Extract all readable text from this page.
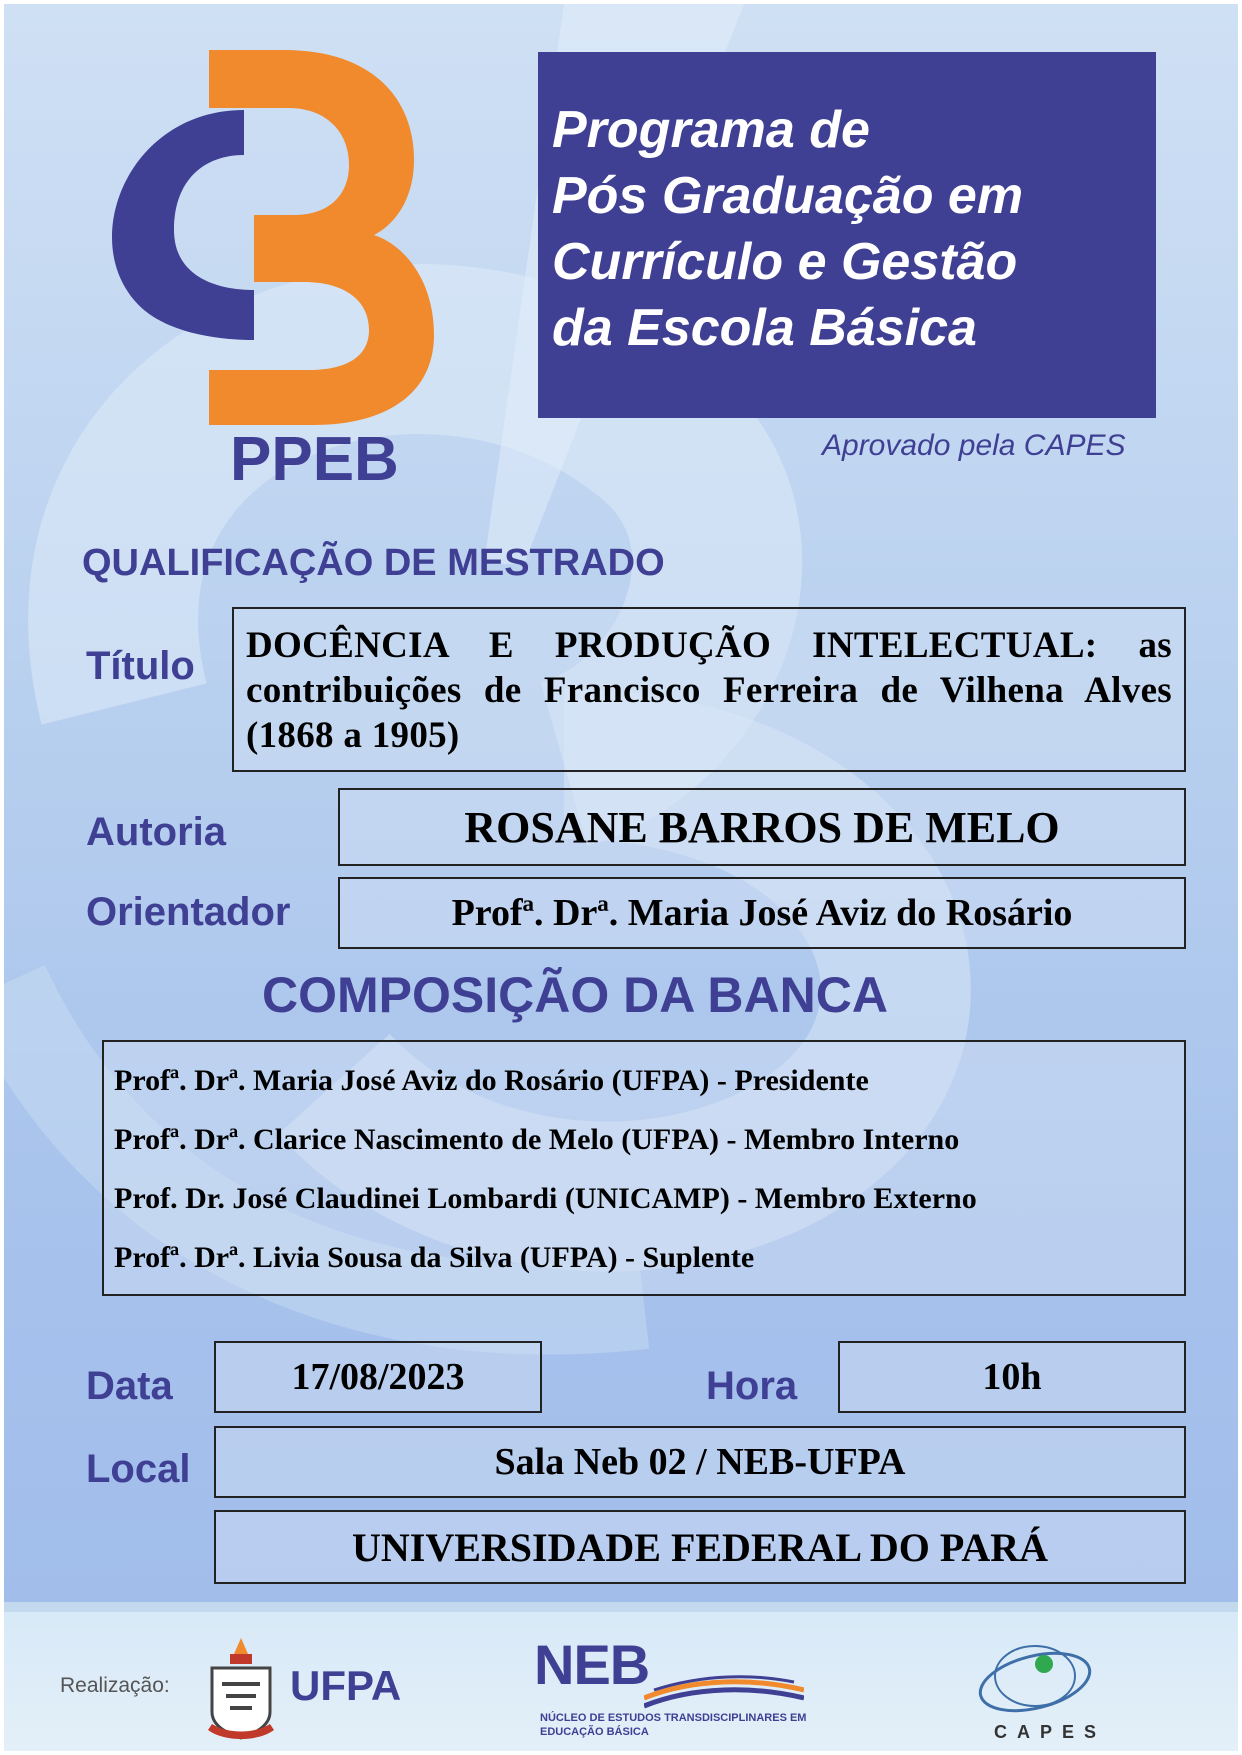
Programa de
Pós Graduação em
Currículo e Gestão
da Escola Básica
PPEB	Aprovado pela CAPES
QUALIFICAÇÃO DE MESTRADO
Título	DOCÊNCIA E PRODUÇÃO INTELECTUAL: as contribuições de Francisco Ferreira de Vilhena Alves (1868 a 1905)
Autoria	ROSANE BARROS DE MELO
Orientador	Profª. Drª. Maria José Aviz do Rosário
COMPOSIÇÃO DA BANCA
Profª. Drª. Maria José Aviz do Rosário (UFPA) - Presidente
Profª. Drª. Clarice Nascimento de Melo (UFPA) - Membro Interno
Prof. Dr. José Claudinei Lombardi (UNICAMP) - Membro Externo
Profª. Drª. Livia Sousa da Silva (UFPA) - Suplente
Data	17/08/2023	Hora	10h
Local	Sala Neb 02 / NEB-UFPA
UNIVERSIDADE FEDERAL DO PARÁ
Realização:	UFPA NEB
NÚCLEO DE ESTUDOS TRANSDISCIPLINARES EM
EDUCAÇÃO BÁSICA	CAPES
